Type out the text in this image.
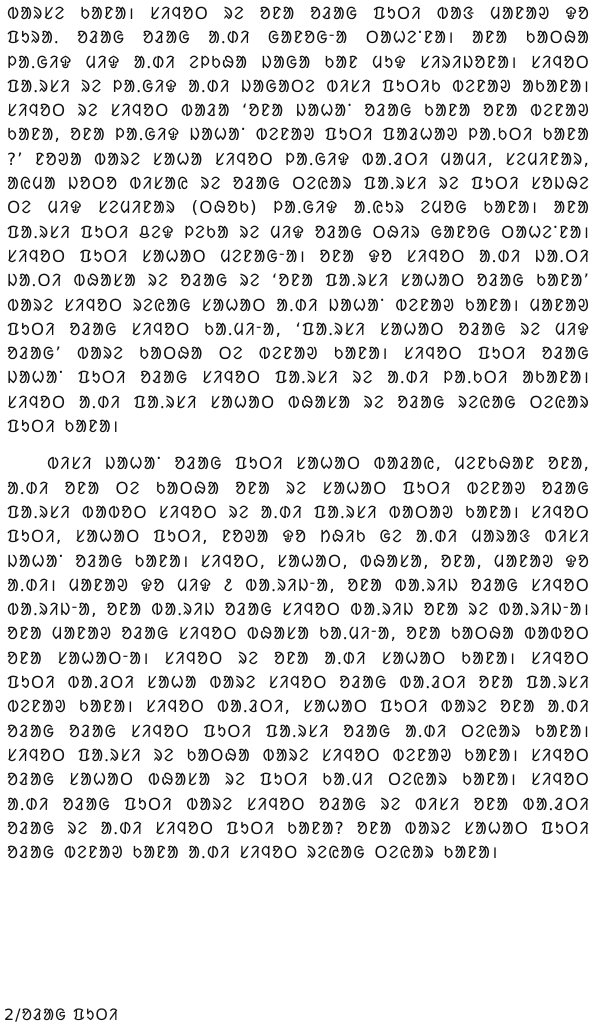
ᱵᱟᱨᱥᱮ ᱠᱟᱱᱟ। ᱥᱤᱧᱚᱛ ᱨᱮ ᱚᱱᱟ ᱚᱲᱟᱜ ᱯᱩᱛᱤ ᱵᱟᱝ ᱢᱟᱱᱟᱣ ᱫᱚ ᱯᱩᱨᱟᱹ ᱚᱲᱟᱜ ᱚᱲᱟᱜ ᱟᱹᱰᱤ ᱜᱟᱱᱚᱜᱼᱟ ᱛᱟᱦᱮᱸᱱᱟ। ᱟᱱᱟ ᱠᱟᱛᱷᱟ ᱞᱟᱹᱜᱤᱫ ᱢᱤᱫ ᱟᱹᱰᱤ ᱮᱞᱠᱷᱟ ᱡᱟᱜᱟ ᱠᱟᱱ ᱢᱩᱫ ᱥᱤᱨᱤᱡᱚᱱᱟ। ᱥᱤᱧᱚᱛ ᱯᱟᱹᱨᱥᱤ ᱨᱮ ᱞᱟᱹᱜᱤᱫ ᱟᱹᱰᱤ ᱡᱟᱜᱟᱛᱮ ᱵᱤᱥᱤ ᱯᱩᱛᱤᱠ ᱵᱮᱱᱟᱣ ᱟᱠᱟᱱᱟ। ᱥᱤᱧᱚᱛ ᱨᱮ ᱥᱤᱧᱚᱛ ᱵᱟᱲᱟ ‘ᱚᱱᱟ ᱡᱟᱦᱟᱸ ᱚᱲᱟᱜ ᱠᱟᱱᱟ ᱚᱱᱟ ᱵᱮᱱᱟᱣ ᱠᱟᱱᱟ, ᱚᱱᱟ ᱞᱟᱹᱜᱤᱫ ᱡᱟᱦᱟᱸ ᱵᱮᱱᱟᱣ ᱯᱩᱛᱤ ᱯᱟᱲᱦᱟᱣ ᱞᱟᱹᱠᱛᱤ ᱠᱟᱱᱟ ?’ ᱱᱚᱣᱟ ᱵᱟᱨᱮ ᱥᱟᱦᱟ ᱥᱤᱧᱚᱛ ᱞᱟᱹᱜᱤᱫ ᱵᱟᱹᱲᱛᱤ ᱢᱟᱢᱤ, ᱥᱮᱢᱤᱱᱟᱨ, ᱟᱭᱢᱟ ᱡᱚᱛᱚ ᱵᱤᱥᱟᱭ ᱨᱮ ᱚᱲᱟᱜ ᱛᱮᱭᱟᱨ ᱯᱟᱹᱨᱥᱤ ᱨᱮ ᱯᱩᱛᱤ ᱥᱚᱡᱷᱮ ᱛᱮ ᱢᱤᱫ ᱥᱮᱢᱤᱱᱟᱨ (ᱛᱷᱚᱠ) ᱞᱟᱹᱜᱤᱫ ᱟᱹᱭᱩᱨ ᱮᱢᱚᱜ ᱠᱟᱱᱟ। ᱟᱱᱟ ᱯᱟᱹᱨᱥᱤ ᱯᱩᱛᱤ ᱪᱮᱫ ᱞᱮᱠᱟ ᱨᱮ ᱢᱤᱫ ᱚᱲᱟᱜ ᱛᱷᱤᱨ ᱜᱟᱱᱚᱜ ᱛᱟᱦᱮᱸᱱᱟ। ᱥᱤᱧᱚᱛ ᱯᱩᱛᱤ ᱥᱟᱦᱟᱛ ᱢᱮᱱᱟᱜᱼᱟ। ᱚᱱᱟ ᱫᱚ ᱥᱤᱧᱚᱛ ᱟᱹᱰᱤ ᱡᱟᱹᱛᱤ ᱡᱟᱹᱛᱤ ᱵᱷᱟᱥᱟ ᱨᱮ ᱚᱲᱟᱜ ᱨᱮ ‘ᱚᱱᱟ ᱯᱟᱹᱨᱥᱤ ᱥᱟᱦᱟᱛ ᱚᱲᱟᱜ ᱠᱟᱱᱟ’ ᱵᱟᱨᱮ ᱥᱤᱧᱚᱛ ᱨᱮᱭᱟᱜ ᱥᱟᱦᱟᱛ ᱟᱹᱰᱤ ᱡᱟᱦᱟᱸ ᱵᱮᱱᱟᱣ ᱠᱟᱱᱟ। ᱢᱟᱱᱟᱣ ᱯᱩᱛᱤ ᱚᱲᱟᱜ ᱥᱤᱧᱚᱛ ᱠᱟᱹᱢᱤᱼᱟ, ‘ᱯᱟᱹᱨᱥᱤ ᱥᱟᱦᱟᱛ ᱚᱲᱟᱜ ᱨᱮ ᱢᱤᱫ ᱚᱲᱟᱜ’ ᱵᱟᱨᱮ ᱠᱟᱛᱷᱟ ᱛᱮ ᱵᱮᱱᱟᱣ ᱠᱟᱱᱟ। ᱥᱤᱧᱚᱛ ᱯᱩᱛᱤ ᱚᱲᱟᱜ ᱡᱟᱦᱟᱸ ᱯᱩᱛᱤ ᱚᱲᱟᱜ ᱥᱤᱧᱚᱛ ᱯᱟᱹᱨᱥᱤ ᱨᱮ ᱟᱹᱰᱤ ᱞᱟᱹᱠᱛᱤ ᱟᱠᱟᱱᱟ। ᱥᱤᱧᱚᱛ ᱟᱹᱰᱤ ᱯᱟᱹᱨᱥᱤ ᱥᱟᱦᱟᱛ ᱵᱷᱟᱥᱟ ᱨᱮ ᱚᱲᱟᱜ ᱨᱮᱭᱟᱜ ᱛᱮᱭᱟᱨ ᱯᱩᱛᱤ ᱠᱟᱱᱟ।

ᱵᱤᱥᱤ ᱡᱟᱦᱟᱸ ᱚᱲᱟᱜ ᱯᱩᱛᱤ ᱥᱟᱦᱟᱛ ᱵᱟᱲᱟᱭ, ᱢᱮᱱᱠᱷᱟᱱ ᱚᱱᱟ, ᱟᱹᱰᱤ ᱚᱱᱟ ᱛᱮ ᱠᱟᱛᱷᱟ ᱚᱱᱟ ᱨᱮ ᱥᱟᱦᱟᱛ ᱯᱩᱛᱤ ᱵᱮᱱᱟᱣ ᱚᱲᱟᱜ ᱯᱟᱹᱨᱥᱤ ᱵᱟᱵᱚᱛ ᱥᱤᱧᱚᱛ ᱨᱮ ᱟᱹᱰᱤ ᱯᱟᱹᱨᱥᱤ ᱵᱟᱛᱟᱣ ᱠᱟᱱᱟ। ᱥᱤᱧᱚᱛ ᱯᱩᱛᱤ, ᱥᱟᱦᱟᱛ ᱯᱩᱛᱤ, ᱱᱚᱣᱟ ᱫᱚ ᱴᱷᱤᱠ ᱜᱮ ᱟᱹᱰᱤ ᱢᱟᱨᱟᱝ ᱵᱤᱥᱤ ᱡᱟᱦᱟᱸ ᱚᱲᱟᱜ ᱠᱟᱱᱟ। ᱥᱤᱧᱚᱛ, ᱥᱟᱦᱟᱛ, ᱵᱷᱟᱥᱟ, ᱚᱱᱟ, ᱢᱟᱱᱟᱣ ᱫᱚ ᱟᱹᱰᱤ। ᱢᱟᱱᱟᱣ ᱫᱚ ᱢᱤᱫ ᱒ ᱵᱟᱹᱨᱤᱡᱼᱟ, ᱚᱱᱟ ᱵᱟᱹᱨᱤᱡ ᱚᱲᱟᱜ ᱥᱤᱧᱚᱛ ᱵᱟᱹᱨᱤᱡᱼᱟ, ᱚᱱᱟ ᱵᱟᱹᱨᱤᱡ ᱚᱲᱟᱜ ᱥᱤᱧᱚᱛ ᱵᱟᱹᱨᱤᱡ ᱚᱱᱟ ᱨᱮ ᱵᱟᱹᱨᱤᱡᱼᱟ। ᱚᱱᱟ ᱢᱟᱱᱟᱣ ᱚᱲᱟᱜ ᱥᱤᱧᱚᱛ ᱵᱷᱟᱥᱟ ᱠᱟᱹᱢᱤᱼᱟ, ᱚᱱᱟ ᱠᱟᱛᱷᱟ ᱵᱟᱵᱚᱛ ᱚᱱᱟ ᱥᱟᱦᱟᱛᱼᱟ। ᱥᱤᱧᱚᱛ ᱨᱮ ᱚᱱᱟ ᱟᱹᱰᱤ ᱥᱟᱦᱟᱛ ᱠᱟᱱᱟ। ᱥᱤᱧᱚᱛ ᱯᱩᱛᱤ ᱵᱟᱹᱲᱛᱤ ᱥᱟᱦᱟ ᱵᱟᱨᱮ ᱥᱤᱧᱚᱛ ᱚᱲᱟᱜ ᱵᱟᱹᱲᱛᱤ ᱚᱱᱟ ᱯᱟᱹᱨᱥᱤ ᱵᱮᱱᱟᱣ ᱠᱟᱱᱟ। ᱥᱤᱧᱚᱛ ᱵᱟᱹᱲᱛᱤ, ᱥᱟᱦᱟᱛ ᱯᱩᱛᱤ ᱵᱟᱨᱮ ᱚᱱᱟ ᱟᱹᱰᱤ ᱚᱲᱟᱜ ᱚᱲᱟᱜ ᱥᱤᱧᱚᱛ ᱯᱩᱛᱤ ᱯᱟᱹᱨᱥᱤ ᱚᱲᱟᱜ ᱟᱹᱰᱤ ᱛᱮᱭᱟᱨ ᱠᱟᱱᱟ। ᱥᱤᱧᱚᱛ ᱯᱟᱹᱨᱥᱤ ᱨᱮ ᱠᱟᱛᱷᱟ ᱵᱟᱨᱮ ᱥᱤᱧᱚᱛ ᱵᱮᱱᱟᱣ ᱠᱟᱱᱟ। ᱥᱤᱧᱚᱛ ᱚᱲᱟᱜ ᱥᱟᱦᱟᱛ ᱵᱷᱟᱥᱟ ᱨᱮ ᱯᱩᱛᱤ ᱠᱟᱹᱢᱤ ᱛᱮᱭᱟᱨ ᱠᱟᱱᱟ। ᱥᱤᱧᱚᱛ ᱟᱹᱰᱤ ᱚᱲᱟᱜ ᱯᱩᱛᱤ ᱵᱟᱨᱮ ᱥᱤᱧᱚᱛ ᱚᱲᱟᱜ ᱨᱮ ᱵᱤᱥᱤ ᱚᱱᱟ ᱵᱟᱹᱲᱛᱤ ᱚᱲᱟᱜ ᱨᱮ ᱟᱹᱰᱤ ᱥᱤᱧᱚᱛ ᱯᱩᱛᱤ ᱠᱟᱱᱟ? ᱚᱱᱟ ᱵᱟᱨᱮ ᱥᱟᱦᱟᱛ ᱯᱩᱛᱤ ᱚᱲᱟᱜ ᱵᱮᱱᱟᱣ ᱠᱟᱱᱟ ᱟᱹᱰᱤ ᱥᱤᱧᱚᱛ ᱨᱮᱭᱟᱜ ᱛᱮᱭᱟᱨ ᱠᱟᱱᱟ।

2/ᱚᱲᱟᱜ ᱯᱩᱛᱤ
